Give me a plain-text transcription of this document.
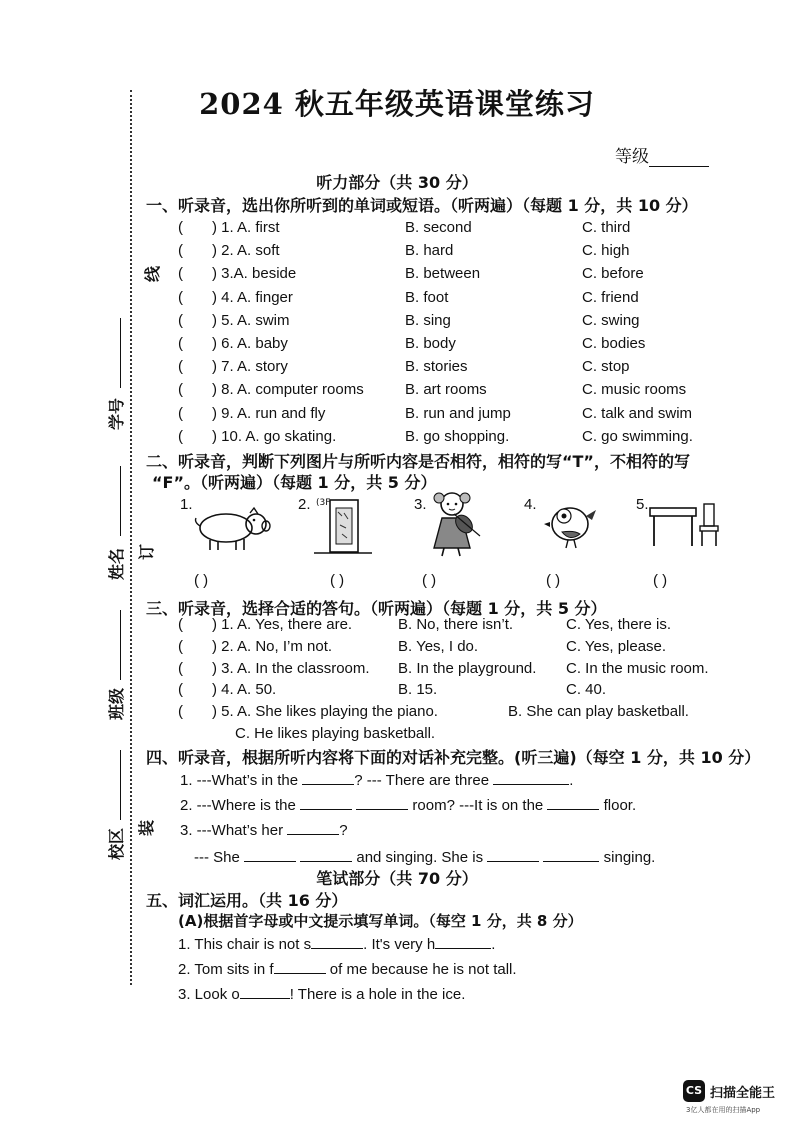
线
订
装
学号
姓名
班级
校区
2024 秋五年级英语课堂练习
等级
听力部分（共 30 分）
一、听录音，选出你所听到的单词或短语。（听两遍）（每题 1 分，共 10 分）
( ) 1. A. first	B. second	C. third
( ) 2. A. soft	B. hard	C. high
( ) 3.A. beside	B. between	C. before
( ) 4. A. finger	B. foot	C. friend
( ) 5. A. swim	B. sing	C. swing
( ) 6. A. baby	B. body	C. bodies
( ) 7. A. story	B. stories	C. stop
( ) 8. A. computer rooms	B. art rooms	C. music rooms
( ) 9. A. run and fly	B. run and jump	C. talk and swim
( ) 10. A. go skating.	B. go shopping.	C. go swimming.
二、听录音，判断下列图片与所听内容是否相符，相符的写“T”，不相符的写
“F”。（听两遍）（每题 1 分，共 5 分）
1.	2.	3.	4.	5.
(3F
( )	( )	( )	( )	( )
三、听录音，选择合适的答句。（听两遍）（每题 1 分，共 5 分）
( ) 1. A. Yes, there are.	B. No, there isn’t.	C. Yes, there is.
( ) 2. A. No, I’m not.	B. Yes, I do.	C. Yes, please.
( ) 3. A. In the classroom. B. In the playground. C. In the music room.
( ) 4. A. 50.	B. 15.	C. 40.
( ) 5. A. She likes playing the piano.	B. She can play basketball.
C. He likes playing basketball.
四、听录音，根据所听内容将下面的对话补充完整。(听三遍)（每空 1 分，共 10 分）
1. ---What’s in the	? --- There are three	.
2. ---Where is the	room? ---It is on the	floor.
3. ---What’s her	?
--- She	and singing. She is	singing.
笔试部分（共 70 分）
五、词汇运用。（共 16 分）
(A)根据首字母或中文提示填写单词。（每空 1 分，共 8 分）
1. This chair is not s	. It's very h	.
2. Tom sits in f	of me because he is not tall.
3. Look o	! There is a hole in the ice.
CS 扫描全能王
3亿人都在用的扫描App
